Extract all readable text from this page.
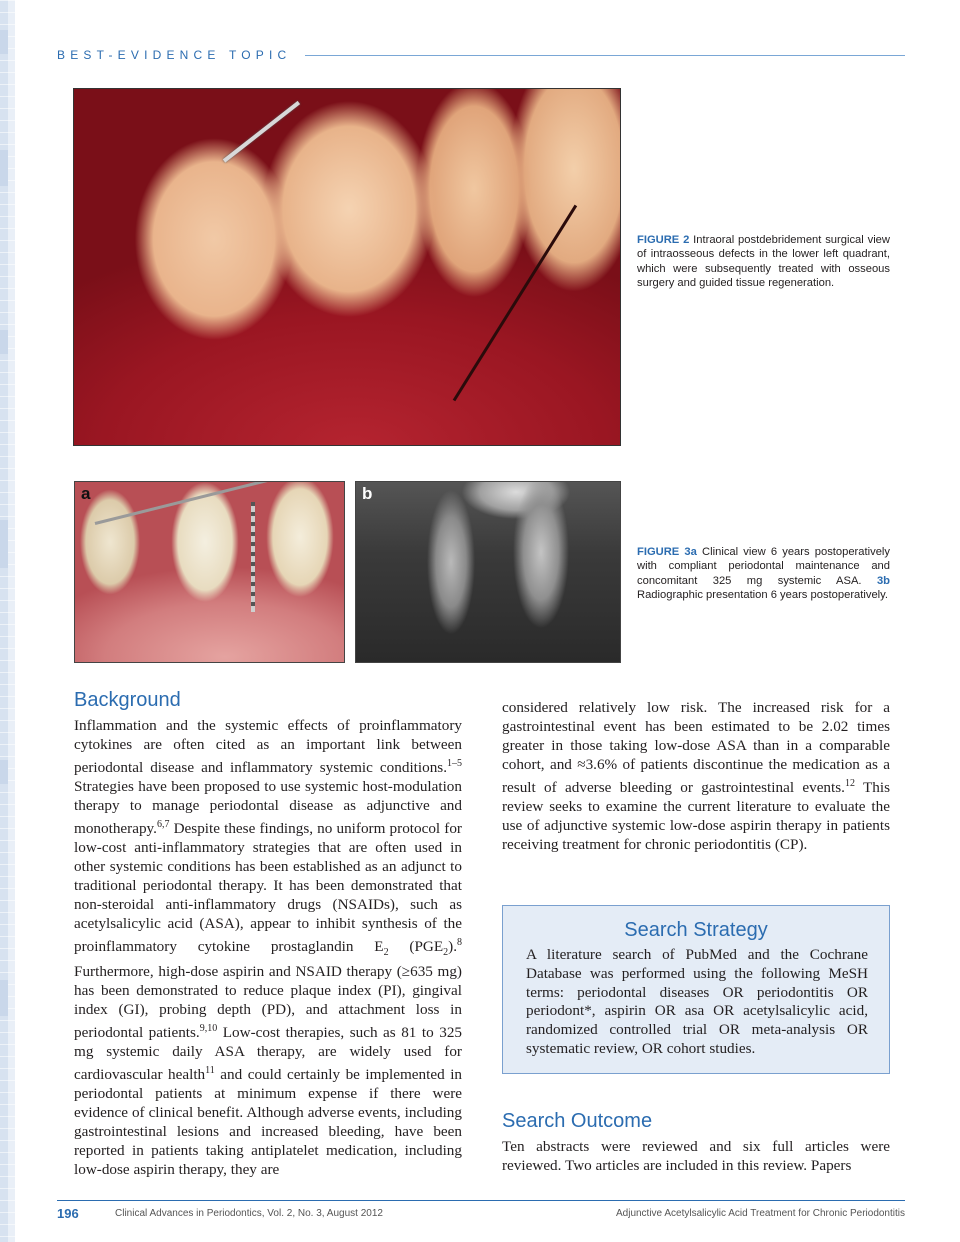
BEST-EVIDENCE TOPIC
FIGURE 2 Intraoral postdebridement surgical view of intraosseous defects in the lower left quadrant, which were subsequently treated with osseous surgery and guided tissue regeneration.
a	b
FIGURE 3a Clinical view 6 years postoperatively with compliant periodontal maintenance and concomitant 325 mg systemic ASA. 3b Radiographic presentation 6 years postoperatively.
Background
Inflammation and the systemic effects of proinflammatory cytokines are often cited as an important link between periodontal disease and inflammatory systemic conditions.$^{1-5}$ Strategies have been proposed to use systemic host-modulation therapy to manage periodontal disease as adjunctive and monotherapy.$^{6,7}$ Despite these findings, no uniform protocol for low-cost anti-inflammatory strategies that are often used in other systemic conditions has been established as an adjunct to traditional periodontal therapy. It has been demonstrated that non-steroidal anti-inflammatory drugs (NSAIDs), such as acetylsalicylic acid (ASA), appear to inhibit synthesis of the proinflammatory cytokine prostaglandin $E_2$ $(PGE_2).^8$ Furthermore, high-dose aspirin and NSAID therapy (≥635 mg) has been demonstrated to reduce plaque index (PI), gingival index (GI), probing depth (PD), and attachment loss in periodontal patients.$^{9,10}$ Low-cost therapies, such as 81 to 325 mg systemic daily ASA therapy, are widely used for cardiovascular health$^{11}$ and could certainly be implemented in periodontal patients at minimum expense if there were evidence of clinical benefit. Although adverse events, including gastrointestinal lesions and increased bleeding, have been reported in patients taking antiplatelet medication, including low-dose aspirin therapy, they are
considered relatively low risk. The increased risk for a gastrointestinal event has been estimated to be 2.02 times greater in those taking low-dose ASA than in a comparable cohort, and ≈3.6% of patients discontinue the medication as a result of adverse bleeding or gastrointestinal events.$^{12}$ This review seeks to examine the current literature to evaluate the use of adjunctive systemic low-dose aspirin therapy in patients receiving treatment for chronic periodontitis (CP).
Search Strategy
A literature search of PubMed and the Cochrane Database was performed using the following MeSH terms: periodontal diseases OR periodontitis OR periodont*, aspirin OR asa OR acetylsalicylic acid, randomized controlled trial OR meta-analysis OR systematic review, OR cohort studies.
Search Outcome
Ten abstracts were reviewed and six full articles were reviewed. Two articles are included in this review. Papers
196	Clinical Advances in Periodontics, Vol. 2, No. 3, August 2012	Adjunctive Acetylsalicylic Acid Treatment for Chronic Periodontitis
